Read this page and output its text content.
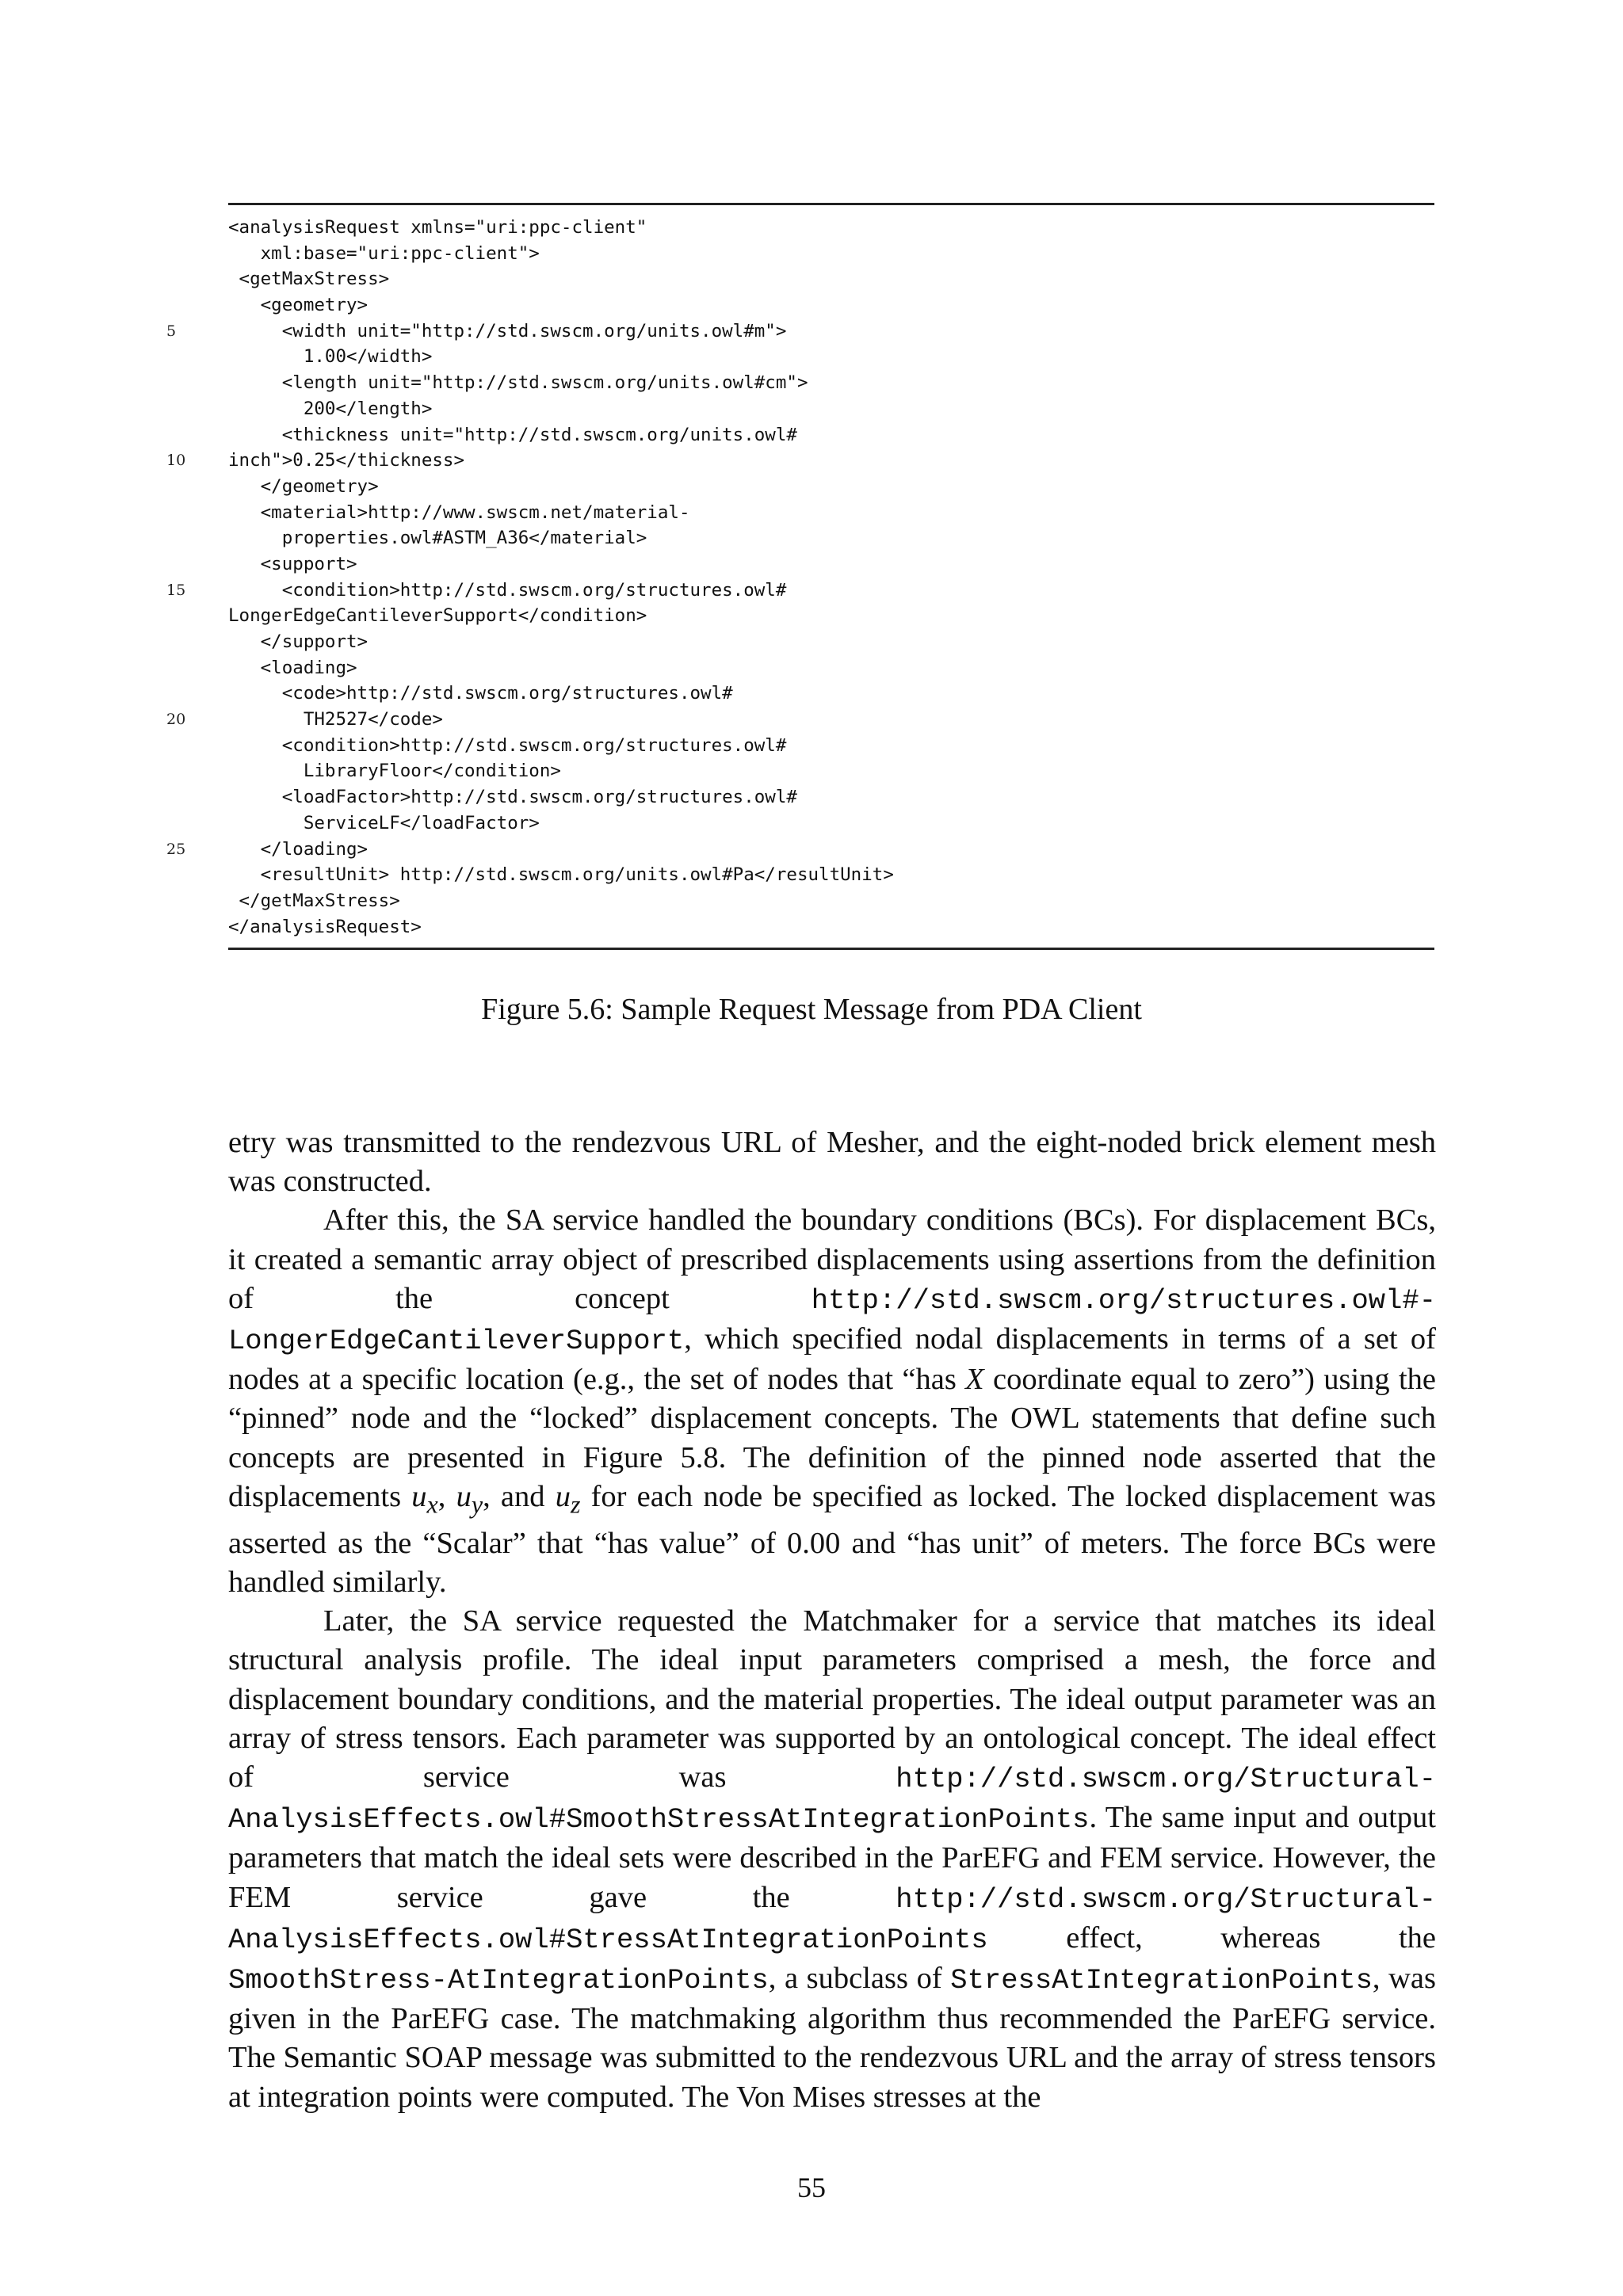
<analysisRequest xmlns="uri:ppc-client"
xml:base="uri:ppc-client">
<getMaxStress>
<geometry>
5	<width unit="http://std.swscm.org/units.owl#m">
1.00</width>
<length unit="http://std.swscm.org/units.owl#cm">
200</length>
<thickness unit="http://std.swscm.org/units.owl#
10	inch">0.25</thickness>
</geometry>
<material>http://www.swscm.net/material-
properties.owl#ASTM_A36</material>
<support>
15	<condition>http://std.swscm.org/structures.owl#
LongerEdgeCantileverSupport</condition>
</support>
<loading>
<code>http://std.swscm.org/structures.owl#
20	TH2527</code>
<condition>http://std.swscm.org/structures.owl#
LibraryFloor</condition>
<loadFactor>http://std.swscm.org/structures.owl#
ServiceLF</loadFactor>
25	</loading>
<resultUnit> http://std.swscm.org/units.owl#Pa</resultUnit>
</getMaxStress>
</analysisRequest>
Figure 5.6: Sample Request Message from PDA Client

etry was transmitted to the rendezvous URL of Mesher, and the eight-noded brick element mesh was constructed.

After this, the SA service handled the boundary conditions (BCs). For displacement BCs, it created a semantic array object of prescribed displacements using assertions from the definition of the concept http://std.swscm.org/structures.owl#-LongerEdgeCantileverSupport, which specified nodal displacements in terms of a set of nodes at a specific location (e.g., the set of nodes that “has X coordinate equal to zero”) using the “pinned” node and the “locked” displacement concepts. The OWL statements that define such concepts are presented in Figure 5.8. The definition of the pinned node asserted that the displacements $u_x$, $u_y$, and $u_z$ for each node be specified as locked. The locked displacement was asserted as the “Scalar” that “has value” of 0.00 and “has unit” of meters. The force BCs were handled similarly.

Later, the SA service requested the Matchmaker for a service that matches its ideal structural analysis profile. The ideal input parameters comprised a mesh, the force and displacement boundary conditions, and the material properties. The ideal output parameter was an array of stress tensors. Each parameter was supported by an ontological concept. The ideal effect of service was http://std.swscm.org/Structural-AnalysisEffects.owl#SmoothStressAtIntegrationPoints. The same input and output parameters that match the ideal sets were described in the ParEFG and FEM service. However, the FEM service gave the http://std.swscm.org/Structural-AnalysisEffects.owl#StressAtIntegrationPoints effect, whereas the SmoothStress-AtIntegrationPoints, a subclass of StressAtIntegrationPoints, was given in the ParEFG case. The matchmaking algorithm thus recommended the ParEFG service. The Semantic SOAP message was submitted to the rendezvous URL and the array of stress tensors at integration points were computed. The Von Mises stresses at the

55
